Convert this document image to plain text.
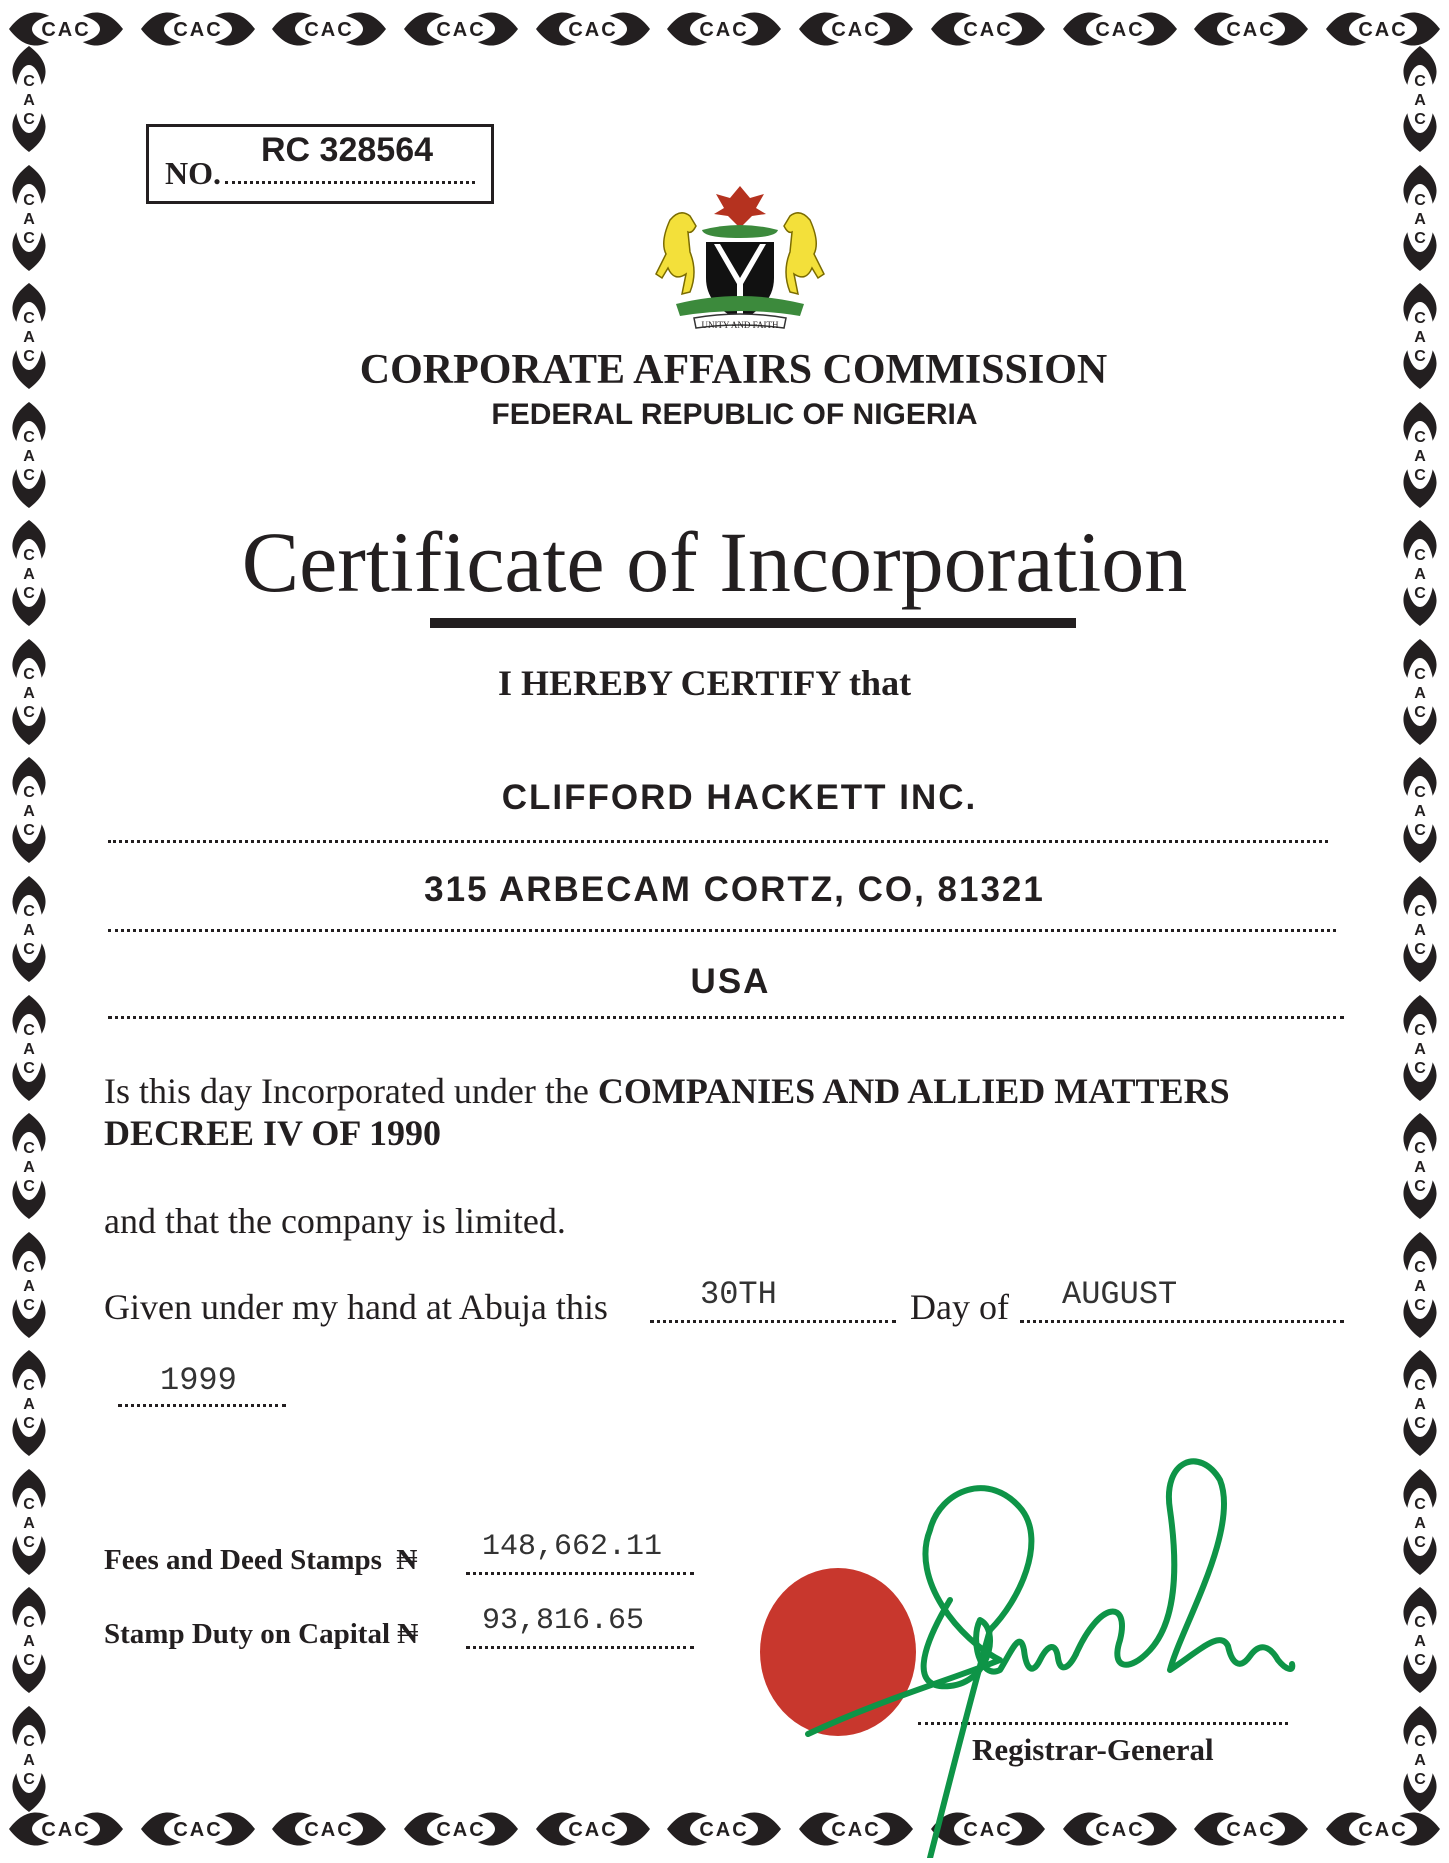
CAC	CAC	CAC	CAC	CAC	CAC	CAC	CAC	CAC	CAC	CAC
CAC	CAC	CAC	CAC	CAC	CAC	CAC	CAC	CAC	CAC	CAC
C
A
C
C
A
C
C
A
C
C
A
C
C
A
C
C
A
C
C
A
C
C
A
C
C
A
C
C
A
C
C
A
C
C
A
C
C
A
C
C
A
C
C
A
C
C
A
C
C
A
C
C
A
C
C
A
C
C
A
C
C
A
C
C
A
C
C
A
C
C
A
C
C
A
C
C
A
C
C
A
C
C
A
C
C
A
C
C
A
C
NO.
RC 328564
UNITY AND FAITH
CORPORATE AFFAIRS COMMISSION
FEDERAL REPUBLIC OF NIGERIA
Certificate of Incorporation
I HEREBY CERTIFY that
CLIFFORD HACKETT INC.
315 ARBECAM CORTZ, CO, 81321
USA
Is this day Incorporated under the COMPANIES AND ALLIED MATTERS
DECREE IV OF 1990
and that the company is limited.
Given under my hand at Abuja this	30TH	Day of AUGUST
1999
Fees and Deed Stamps ₦ 148,662.11
Stamp Duty on Capital ₦ 93,816.65
Registrar-General
